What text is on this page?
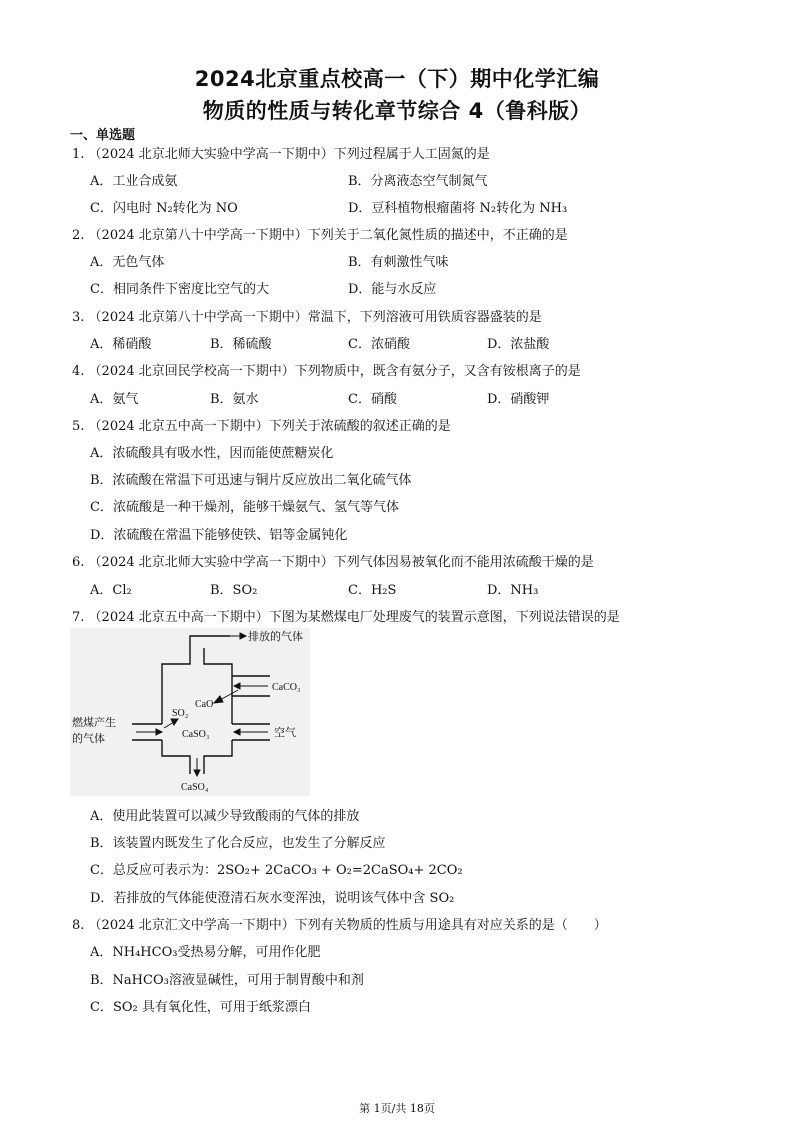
2024北京重点校高一（下）期中化学汇编
物质的性质与转化章节综合 4（鲁科版）
一、单选题
1. （2024 北京北师大实验中学高一下期中）下列过程属于人工固氮的是
A．工业合成氨	B．分离液态空气制氮气
C．闪电时 N₂转化为 NO	D．豆科植物根瘤菌将 N₂转化为 NH₃
2. （2024 北京第八十中学高一下期中）下列关于二氧化氮性质的描述中，不正确的是
A．无色气体	B．有刺激性气味
C．相同条件下密度比空气的大	D．能与水反应
3. （2024 北京第八十中学高一下期中）常温下，下列溶液可用铁质容器盛装的是
A．稀硝酸	B．稀硫酸	C．浓硝酸	D．浓盐酸
4. （2024 北京回民学校高一下期中）下列物质中，既含有氨分子，又含有铵根离子的是
A．氨气	B．氨水	C．硝酸	D．硝酸钾
5. （2024 北京五中高一下期中）下列关于浓硫酸的叙述正确的是
A．浓硫酸具有吸水性，因而能使蔗糖炭化
B．浓硫酸在常温下可迅速与铜片反应放出二氧化硫气体
C．浓硫酸是一种干燥剂，能够干燥氨气、氢气等气体
D．浓硫酸在常温下能够使铁、铝等金属钝化
6. （2024 北京北师大实验中学高一下期中）下列气体因易被氧化而不能用浓硫酸干燥的是
A．Cl₂	B．SO₂	C．H₂S	D．NH₃
7. （2024 北京五中高一下期中）下图为某燃煤电厂处理废气的装置示意图，下列说法错误的是
排放的气体
CaCO₃
CaO
SO₂
CaSO₃	空气
CaSO₄
燃煤产生
的气体
A．使用此装置可以减少导致酸雨的气体的排放
B．该装置内既发生了化合反应，也发生了分解反应
C．总反应可表示为：2SO₂+ 2CaCO₃ + O₂=2CaSO₄+ 2CO₂
D．若排放的气体能使澄清石灰水变浑浊，说明该气体中含 SO₂
8. （2024 北京汇文中学高一下期中）下列有关物质的性质与用途具有对应关系的是（　　）
A．NH₄HCO₃受热易分解，可用作化肥
B．NaHCO₃溶液显碱性，可用于制胃酸中和剂
C．SO₂ 具有氧化性，可用于纸浆漂白
第 1页/共 18页
